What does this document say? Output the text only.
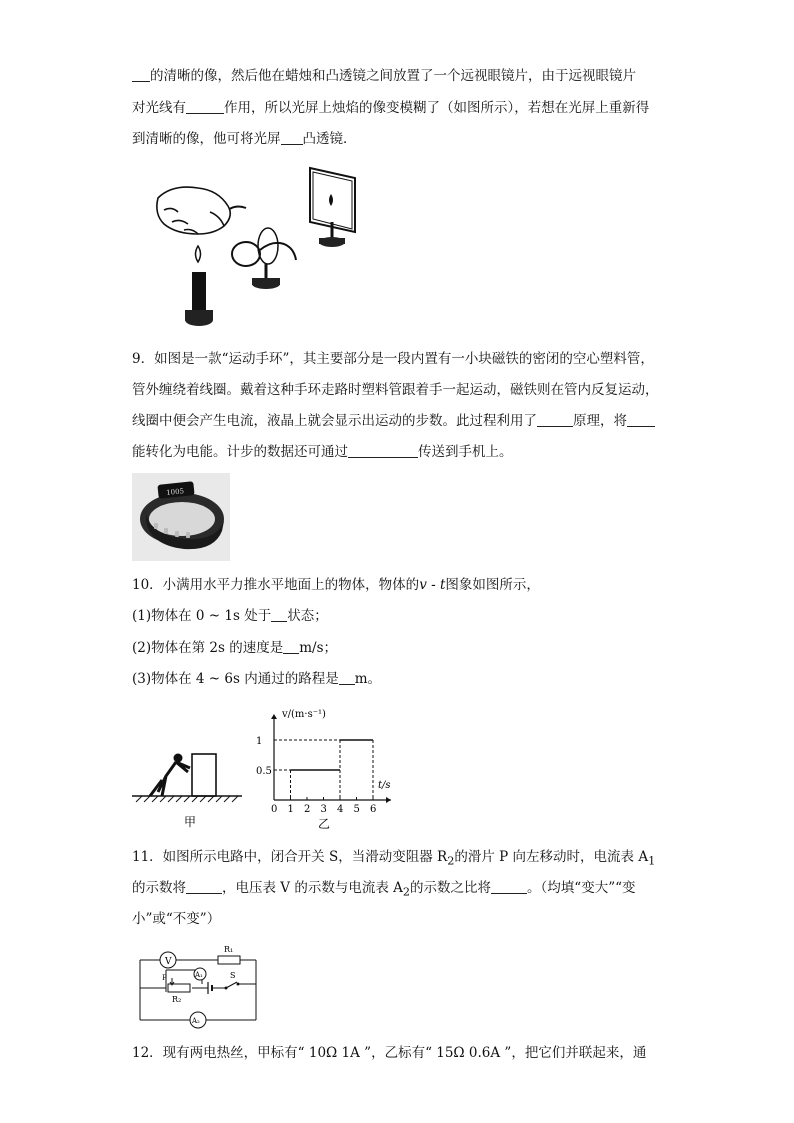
的清晰的像，然后他在蜡烛和凸透镜之间放置了一个远视眼镜片，由于远视眼镜片
对光线有	作用，所以光屏上烛焰的像变模糊了（如图所示），若想在光屏上重新得
到清晰的像，他可将光屏 凸透镜．
9．如图是一款“运动手环”，其主要部分是一段内置有一小块磁铁的密闭的空心塑料管，
管外缠绕着线圈。戴着这种手环走路时塑料管跟着手一起运动，磁铁则在管内反复运动，
线圈中便会产生电流，液晶上就会显示出运动的步数。此过程利用了	原理，将
能转化为电能。计步的数据还可通过	传送到手机上。
1005
10．小满用水平力推水平地面上的物体，物体的v - t图象如图所示，
(1)物体在 0 ~ 1s 处于 状态；
(2)物体在第 2s 的速度是 m/s；
(3)物体在 4 ~ 6s 内通过的路程是 m。
甲
0 1 2 3 4 5 6
0.5
1
v/(m·s⁻¹)
t/s
乙
11．如图所示电路中，闭合开关 S，当滑动变阻器 $R_2$的滑片 P 向左移动时，电流表 $A_1$
的示数将	，电压表 V 的示数与电流表 $A_2$的示数之比将	。（均填“变大”“变
小”或“不变”）
V
R₁
P
R₂
A₁	S
A₂
12．现有两电热丝，甲标有“ 10Ω 1A ”，乙标有“ 15Ω 0.6A ”，把它们并联起来，通
